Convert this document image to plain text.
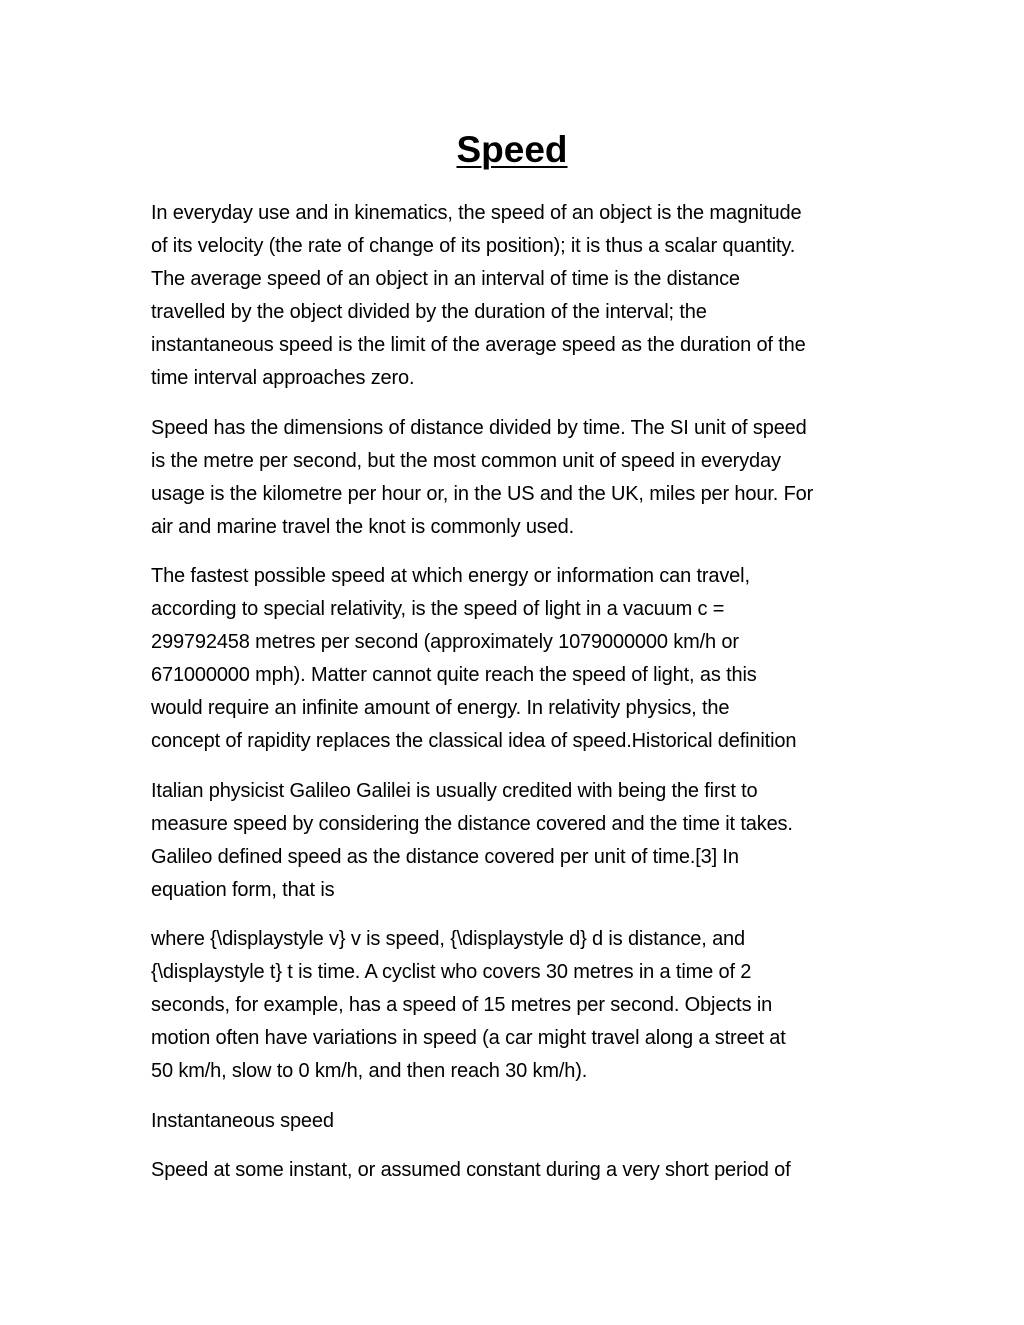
Speed

In everyday use and in kinematics, the speed of an object is the magnitude
of its velocity (the rate of change of its position); it is thus a scalar quantity.
The average speed of an object in an interval of time is the distance
travelled by the object divided by the duration of the interval; the
instantaneous speed is the limit of the average speed as the duration of the
time interval approaches zero.

Speed has the dimensions of distance divided by time. The SI unit of speed
is the metre per second, but the most common unit of speed in everyday
usage is the kilometre per hour or, in the US and the UK, miles per hour. For
air and marine travel the knot is commonly used.

The fastest possible speed at which energy or information can travel,
according to special relativity, is the speed of light in a vacuum c =
299792458 metres per second (approximately 1079000000 km/h or
671000000 mph). Matter cannot quite reach the speed of light, as this
would require an infinite amount of energy. In relativity physics, the
concept of rapidity replaces the classical idea of speed.Historical definition

Italian physicist Galileo Galilei is usually credited with being the first to
measure speed by considering the distance covered and the time it takes.
Galileo defined speed as the distance covered per unit of time.[3] In
equation form, that is

where {\displaystyle v} v is speed, {\displaystyle d} d is distance, and
{\displaystyle t} t is time. A cyclist who covers 30 metres in a time of 2
seconds, for example, has a speed of 15 metres per second. Objects in
motion often have variations in speed (a car might travel along a street at
50 km/h, slow to 0 km/h, and then reach 30 km/h).

Instantaneous speed

Speed at some instant, or assumed constant during a very short period of
